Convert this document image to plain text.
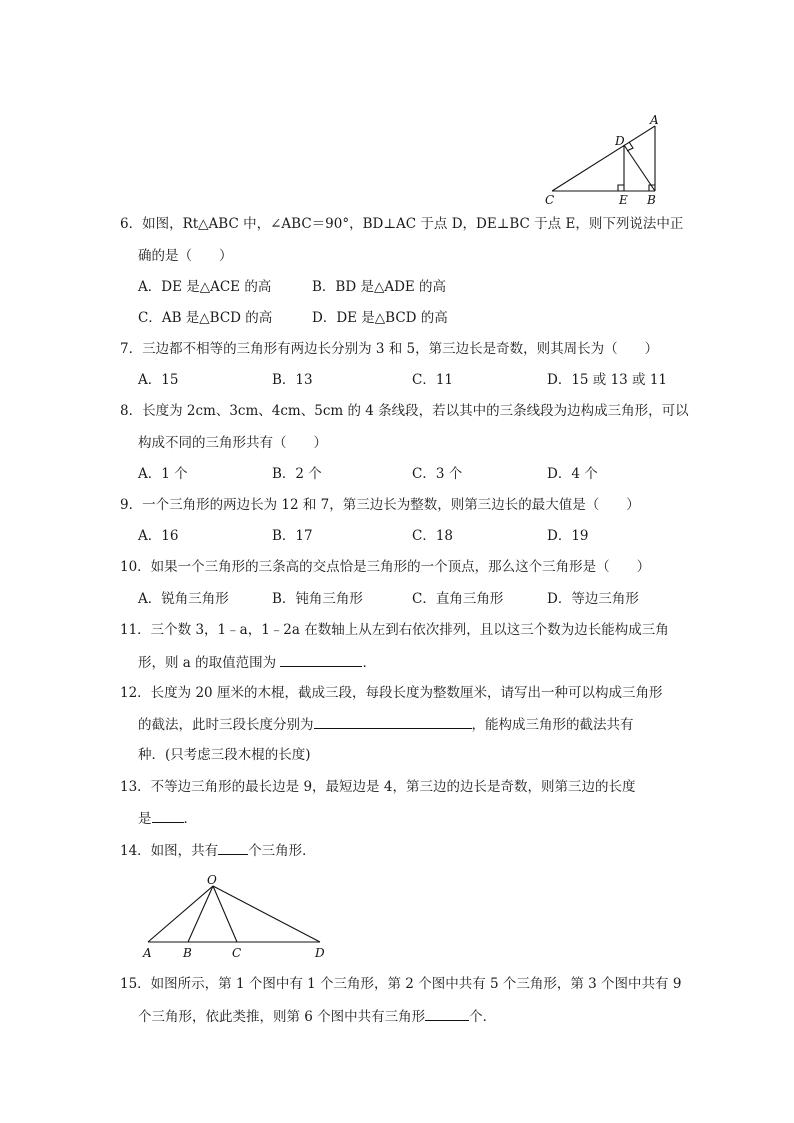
A
D
C	E B
6．如图，Rt△ABC 中，∠ABC＝90°，BD⊥AC 于点 D，DE⊥BC 于点 E，则下列说法中正
确的是（　　）
A．DE 是△ACE 的高	B．BD 是△ADE 的高
C．AB 是△BCD 的高	D．DE 是△BCD 的高
7．三边都不相等的三角形有两边长分别为 3 和 5，第三边长是奇数，则其周长为（　　）
A．15	B．13	C．11	D．15 或 13 或 11
8．长度为 2cm、3cm、4cm、5cm 的 4 条线段，若以其中的三条线段为边构成三角形，可以
构成不同的三角形共有（　　）
A．1 个	B．2 个	C．3 个	D．4 个
9．一个三角形的两边长为 12 和 7，第三边长为整数，则第三边长的最大值是（　　）
A．16	B．17	C．18	D．19
10．如果一个三角形的三条高的交点恰是三角形的一个顶点，那么这个三角形是（　　）
A．锐角三角形	B．钝角三角形	C．直角三角形	D．等边三角形
11．三个数 3，1﹣a，1﹣2a 在数轴上从左到右依次排列，且以这三个数为边长能构成三角
形，则 a 的取值范围为	．
12．长度为 20 厘米的木棍，截成三段，每段长度为整数厘米，请写出一种可以构成三角形
的截法，此时三段长度分别为	，能构成三角形的截法共有
种．(只考虑三段木棍的长度)
13．不等边三角形的最长边是 9，最短边是 4，第三边的边长是奇数，则第三边的长度
是 ．
14．如图，共有 个三角形．
O
A	B	C	D
15．如图所示，第 1 个图中有 1 个三角形，第 2 个图中共有 5 个三角形，第 3 个图中共有 9
个三角形，依此类推，则第 6 个图中共有三角形	个．
